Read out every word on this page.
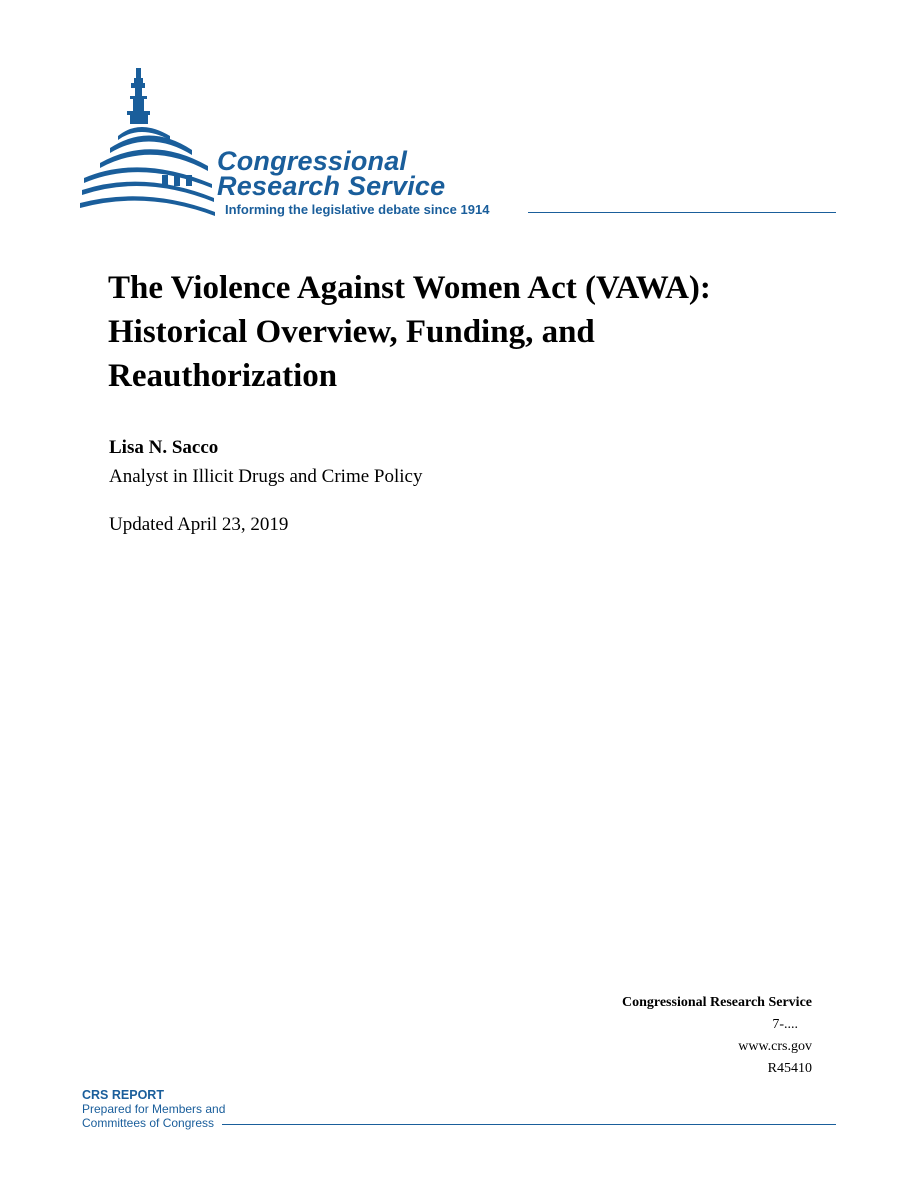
Congressional
Research Service
Informing the legislative debate since 1914
The Violence Against Women Act (VAWA): Historical Overview, Funding, and Reauthorization
Lisa N. Sacco
Analyst in Illicit Drugs and Crime Policy
Updated April 23, 2019
Congressional Research Service
7-....
www.crs.gov
R45410
CRS REPORT
Prepared for Members and
Committees of Congress
